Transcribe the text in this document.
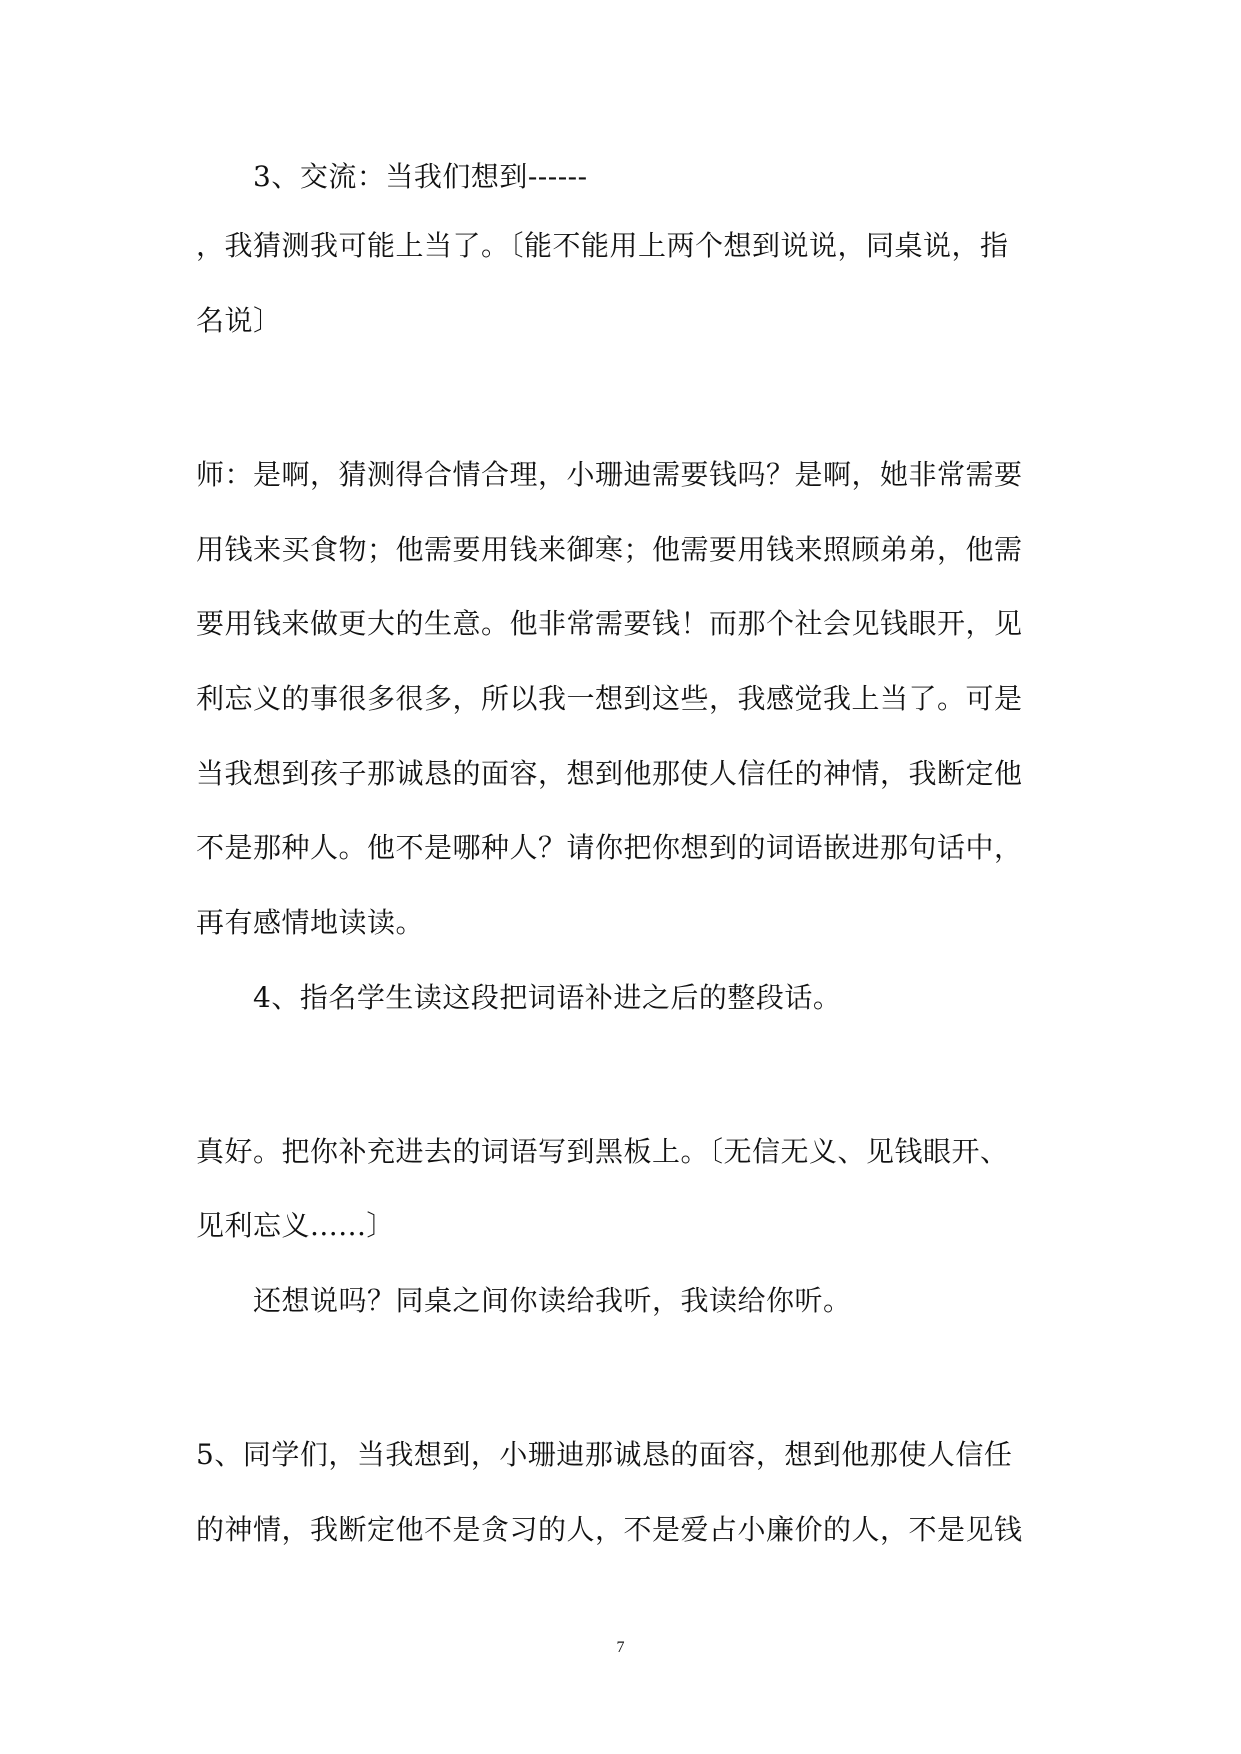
3、交流：当我们想到------
，我猜测我可能上当了。〔能不能用上两个想到说说，同桌说，指
名说〕
师：是啊，猜测得合情合理，小珊迪需要钱吗？是啊，她非常需要
用钱来买食物；他需要用钱来御寒；他需要用钱来照顾弟弟，他需
要用钱来做更大的生意。他非常需要钱！而那个社会见钱眼开，见
利忘义的事很多很多，所以我一想到这些，我感觉我上当了。可是
当我想到孩子那诚恳的面容，想到他那使人信任的神情，我断定他
不是那种人。他不是哪种人？请你把你想到的词语嵌进那句话中，
再有感情地读读。
4、指名学生读这段把词语补进之后的整段话。
真好。把你补充进去的词语写到黑板上。〔无信无义、见钱眼开、
见利忘义......〕
还想说吗？同桌之间你读给我听，我读给你听。
5、同学们，当我想到，小珊迪那诚恳的面容，想到他那使人信任
的神情，我断定他不是贪习的人，不是爱占小廉价的人，不是见钱
7
